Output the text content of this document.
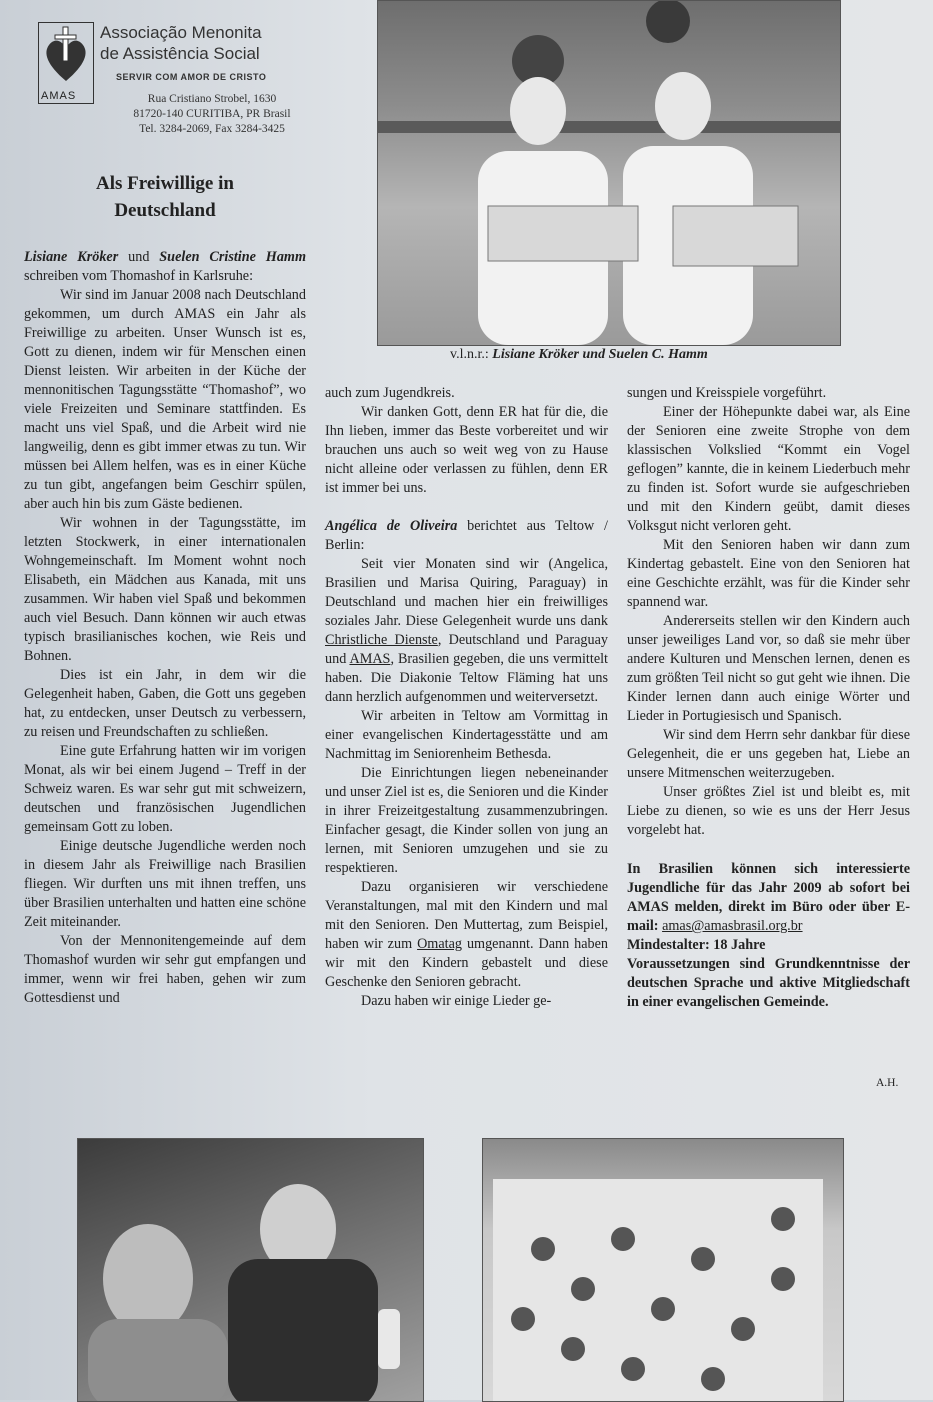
AMAS
Associação Menonita
de Assistência Social
SERVIR COM AMOR DE CRISTO
Rua Cristiano Strobel, 1630
81720-140 CURITIBA, PR Brasil
Tel. 3284-2069, Fax 3284-3425
Als Freiwillige in
Deutschland
v.l.n.r.: Lisiane Kröker und Suelen C. Hamm

Lisiane Kröker und Suelen Cristine Hamm schreiben vom Thomashof in Karlsruhe:

Wir sind im Januar 2008 nach Deutschland gekommen, um durch AMAS ein Jahr als Freiwillige zu arbeiten. Unser Wunsch ist es, Gott zu dienen, indem wir für Menschen einen Dienst leisten. Wir arbeiten in der Küche der mennonitischen Tagungsstätte “Thomashof”, wo viele Freizeiten und Seminare stattfinden. Es macht uns viel Spaß, und die Arbeit wird nie langweilig, denn es gibt immer etwas zu tun. Wir müssen bei Allem helfen, was es in einer Küche zu tun gibt, angefangen beim Geschirr spülen, aber auch hin bis zum Gäste bedienen.

Wir wohnen in der Tagungsstätte, im letzten Stockwerk, in einer internationalen Wohngemeinschaft. Im Moment wohnt noch Elisabeth, ein Mädchen aus Kanada, mit uns zusammen. Wir haben viel Spaß und bekommen auch viel Besuch. Dann können wir auch etwas typisch brasilianisches kochen, wie Reis und Bohnen.

Dies ist ein Jahr, in dem wir die Gelegenheit haben, Gaben, die Gott uns gegeben hat, zu entdecken, unser Deutsch zu verbessern, zu reisen und Freundschaften zu schließen.

Eine gute Erfahrung hatten wir im vorigen Monat, als wir bei einem Jugend – Treff in der Schweiz waren. Es war sehr gut mit schweizern, deutschen und französischen Jugendlichen gemeinsam Gott zu loben.

Einige deutsche Jugendliche werden noch in diesem Jahr als Freiwillige nach Brasilien fliegen. Wir durften uns mit ihnen treffen, uns über Brasilien unterhalten und hatten eine schöne Zeit miteinander.

Von der Mennonitengemeinde auf dem Thomashof wurden wir sehr gut empfangen und immer, wenn wir frei haben, gehen wir zum Gottesdienst und

auch zum Jugendkreis.

Wir danken Gott, denn ER hat für die, die Ihn lieben, immer das Beste vorbereitet und wir brauchen uns auch so weit weg von zu Hause nicht alleine oder verlassen zu fühlen, denn ER ist immer bei uns.

Angélica de Oliveira berichtet aus Teltow / Berlin:

Seit vier Monaten sind wir (Angelica, Brasilien und Marisa Quiring, Paraguay) in Deutschland und machen hier ein freiwilliges soziales Jahr. Diese Gelegenheit wurde uns dank Christliche Dienste, Deutschland und Paraguay und AMAS, Brasilien gegeben, die uns vermittelt haben. Die Diakonie Teltow Fläming hat uns dann herzlich aufgenommen und weiterversetzt.

Wir arbeiten in Teltow am Vormittag in einer evangelischen Kindertagesstätte und am Nachmittag im Seniorenheim Bethesda.

Die Einrichtungen liegen nebeneinander und unser Ziel ist es, die Senioren und die Kinder in ihrer Freizeitgestaltung zusammenzubringen. Einfacher gesagt, die Kinder sollen von jung an lernen, mit Senioren umzugehen und sie zu respektieren.

Dazu organisieren wir verschiedene Veranstaltungen, mal mit den Kindern und mal mit den Senioren. Den Muttertag, zum Beispiel, haben wir zum Omatag umgenannt. Dann haben wir mit den Kindern gebastelt und diese Geschenke den Senioren gebracht.

Dazu haben wir einige Lieder ge-

sungen und Kreisspiele vorgeführt.

Einer der Höhepunkte dabei war, als Eine der Senioren eine zweite Strophe von dem klassischen Volkslied “Kommt ein Vogel geflogen” kannte, die in keinem Liederbuch mehr zu finden ist. Sofort wurde sie aufgeschrieben und mit den Kindern geübt, damit dieses Volksgut nicht verloren geht.

Mit den Senioren haben wir dann zum Kindertag gebastelt. Eine von den Senioren hat eine Geschichte erzählt, was für die Kinder sehr spannend war.

Andererseits stellen wir den Kindern auch unser jeweiliges Land vor, so daß sie mehr über andere Kulturen und Menschen lernen, denen es zum größten Teil nicht so gut geht wie ihnen. Die Kinder lernen dann auch einige Wörter und Lieder in Portugiesisch und Spanisch.

Wir sind dem Herrn sehr dankbar für diese Gelegenheit, die er uns gegeben hat, Liebe an unsere Mitmenschen weiterzugeben.

Unser größtes Ziel ist und bleibt es, mit Liebe zu dienen, so wie es uns der Herr Jesus vorgelebt hat.

In Brasilien können sich interessierte Jugendliche für das Jahr 2009 ab sofort bei AMAS melden, direkt im Büro oder über E-mail: amas@amasbrasil.org.br
Mindestalter: 18 Jahre
Voraussetzungen sind Grundkenntnisse der deutschen Sprache und aktive Mitgliedschaft in einer evangelischen Gemeinde.
A.H.
